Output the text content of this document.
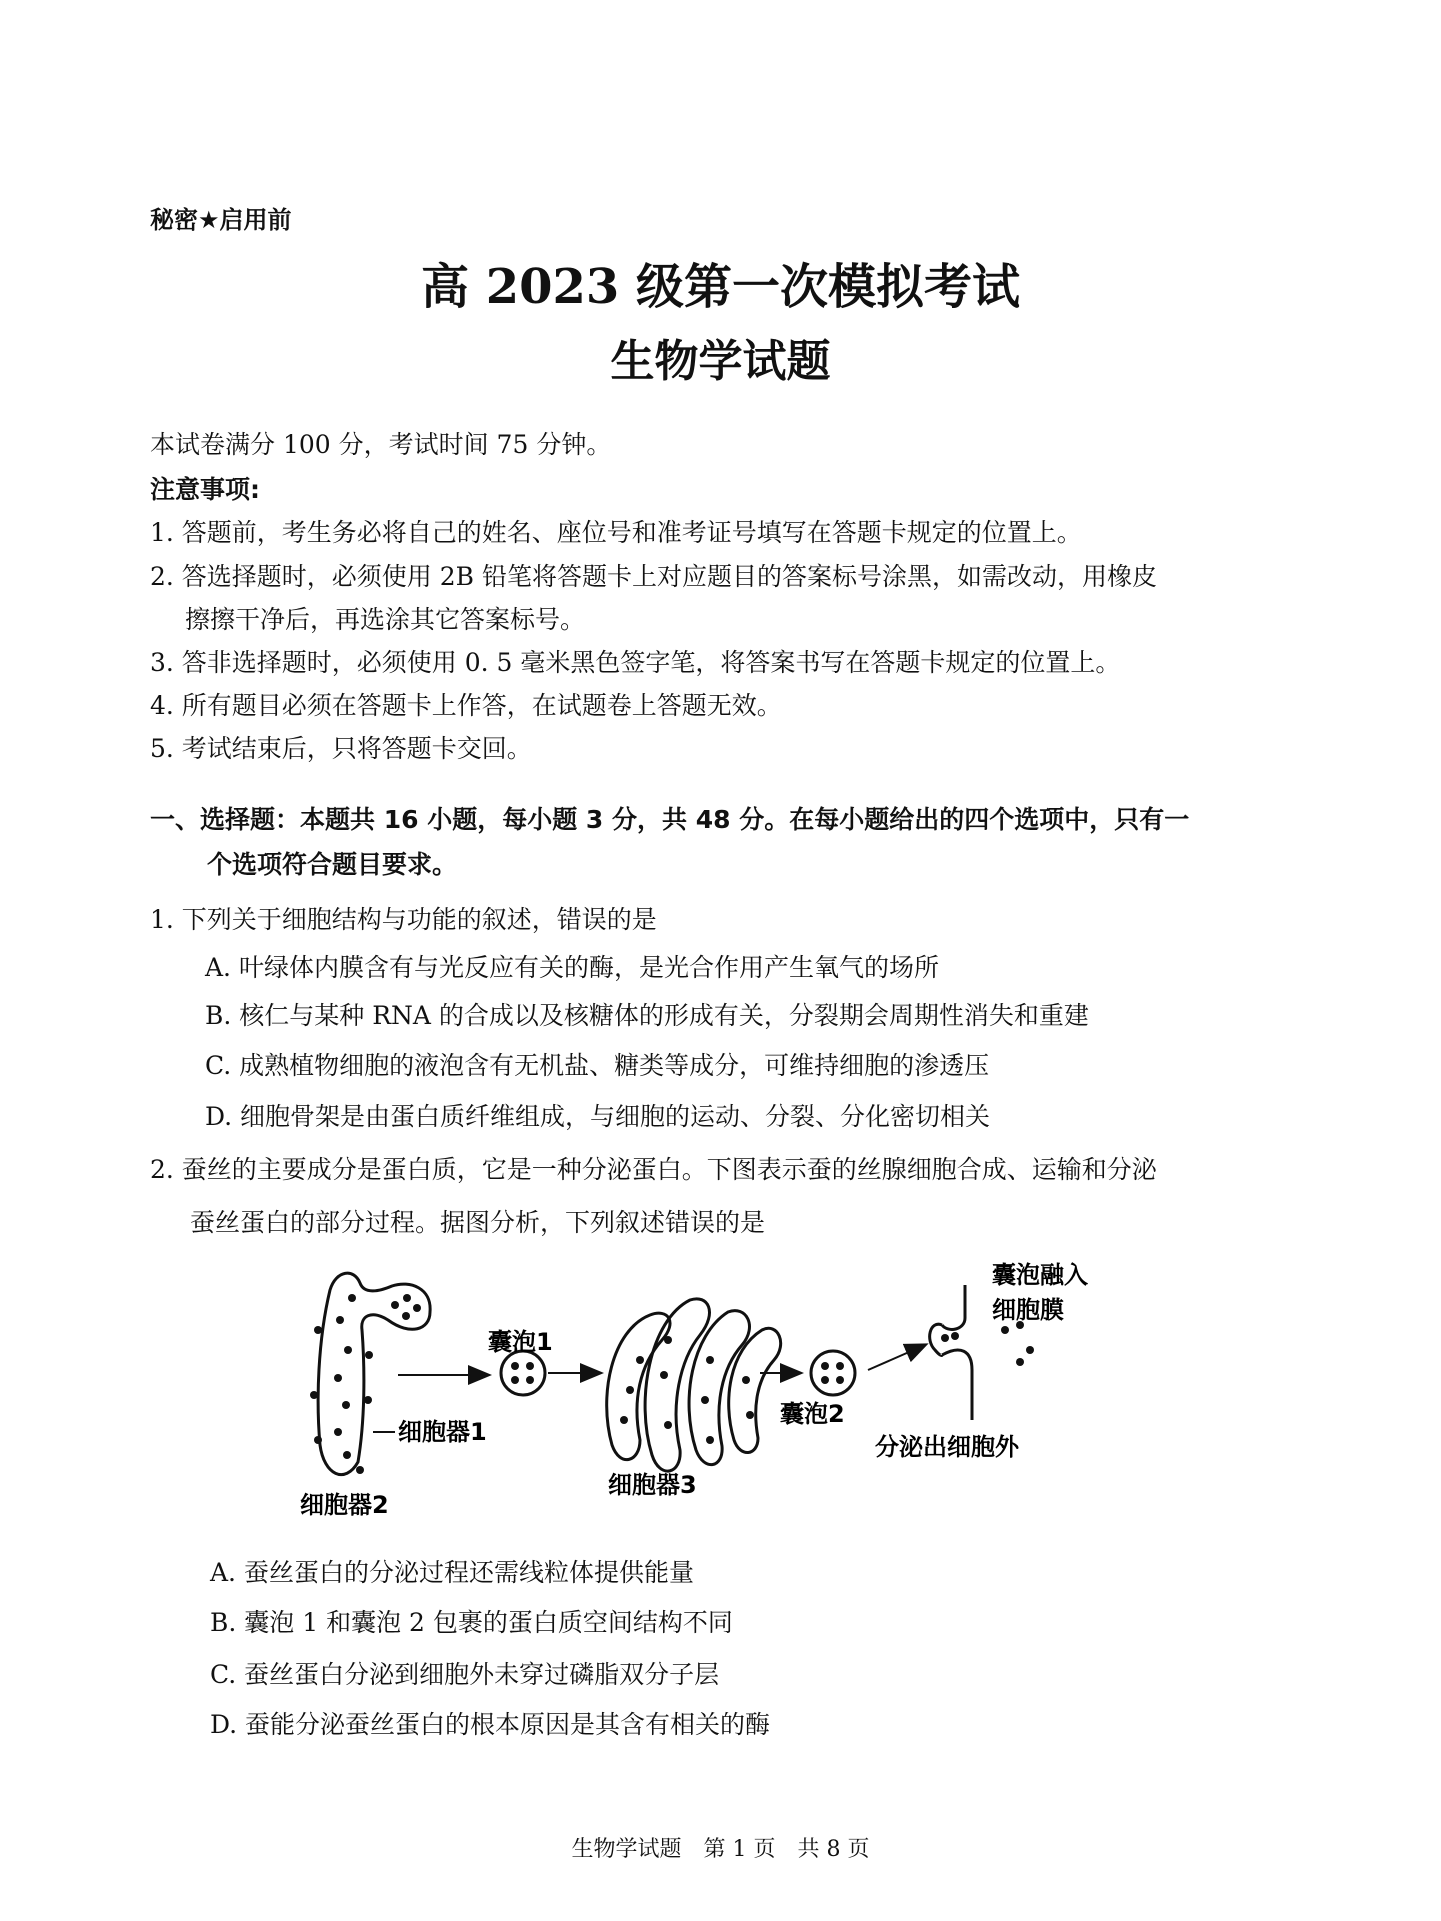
秘密★启用前
高 2023 级第一次模拟考试
生物学试题
本试卷满分 100 分，考试时间 75 分钟。
注意事项:
1. 答题前，考生务必将自己的姓名、座位号和准考证号填写在答题卡规定的位置上。
2. 答选择题时，必须使用 2B 铅笔将答题卡上对应题目的答案标号涂黑，如需改动，用橡皮
擦擦干净后，再选涂其它答案标号。
3. 答非选择题时，必须使用 0. 5 毫米黑色签字笔，将答案书写在答题卡规定的位置上。
4. 所有题目必须在答题卡上作答，在试题卷上答题无效。
5. 考试结束后，只将答题卡交回。
一、选择题：本题共 16 小题，每小题 3 分，共 48 分。在每小题给出的四个选项中，只有一
个选项符合题目要求。
1. 下列关于细胞结构与功能的叙述，错误的是
A. 叶绿体内膜含有与光反应有关的酶，是光合作用产生氧气的场所
B. 核仁与某种 RNA 的合成以及核糖体的形成有关，分裂期会周期性消失和重建
C. 成熟植物细胞的液泡含有无机盐、糖类等成分，可维持细胞的渗透压
D. 细胞骨架是由蛋白质纤维组成，与细胞的运动、分裂、分化密切相关
2. 蚕丝的主要成分是蛋白质，它是一种分泌蛋白。下图表示蚕的丝腺细胞合成、运输和分泌
蚕丝蛋白的部分过程。据图分析，下列叙述错误的是
囊泡1
细胞器1
细胞器2
细胞器3
囊泡2
囊泡融入
细胞膜
分泌出细胞外
A. 蚕丝蛋白的分泌过程还需线粒体提供能量
B. 囊泡 1 和囊泡 2 包裹的蛋白质空间结构不同
C. 蚕丝蛋白分泌到细胞外未穿过磷脂双分子层
D. 蚕能分泌蚕丝蛋白的根本原因是其含有相关的酶
生物学试题　第 1 页　共 8 页
